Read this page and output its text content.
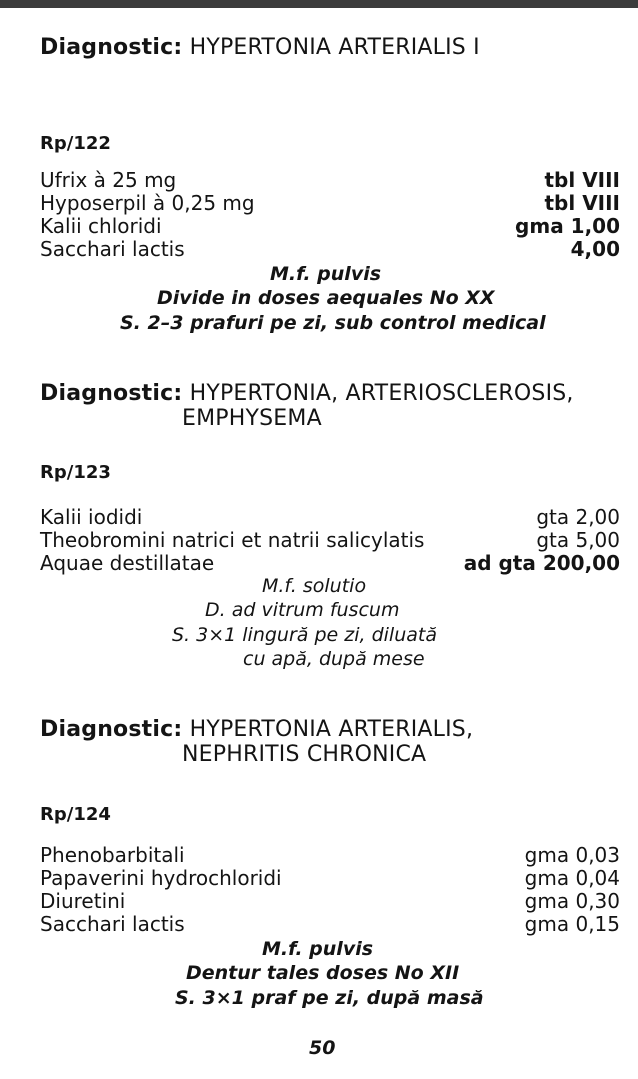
Diagnostic: HYPERTONIA ARTERIALIS I
Rp/122
Ufrix à 25 mg	tbl VIII
Hyposerpil à 0,25 mg	tbl VIII
Kalii chloridi	gma 1,00
Sacchari lactis	4,00
M.f. pulvis
Divide in doses aequales No XX
S. 2–3 prafuri pe zi, sub control medical
Diagnostic: HYPERTONIA, ARTERIOSCLEROSIS,
EMPHYSEMA
Rp/123
Kalii iodidi	gta 2,00
Theobromini natrici et natrii salicylatis	gta 5,00
Aquae destillatae	ad gta 200,00
M.f. solutio
D. ad vitrum fuscum
S. 3×1 lingură pe zi, diluată
cu apă, după mese
Diagnostic: HYPERTONIA ARTERIALIS,
NEPHRITIS CHRONICA
Rp/124
Phenobarbitali	gma 0,03
Papaverini hydrochloridi	gma 0,04
Diuretini	gma 0,30
Sacchari lactis	gma 0,15
M.f. pulvis
Dentur tales doses No XII
S. 3×1 praf pe zi, după masă
50
